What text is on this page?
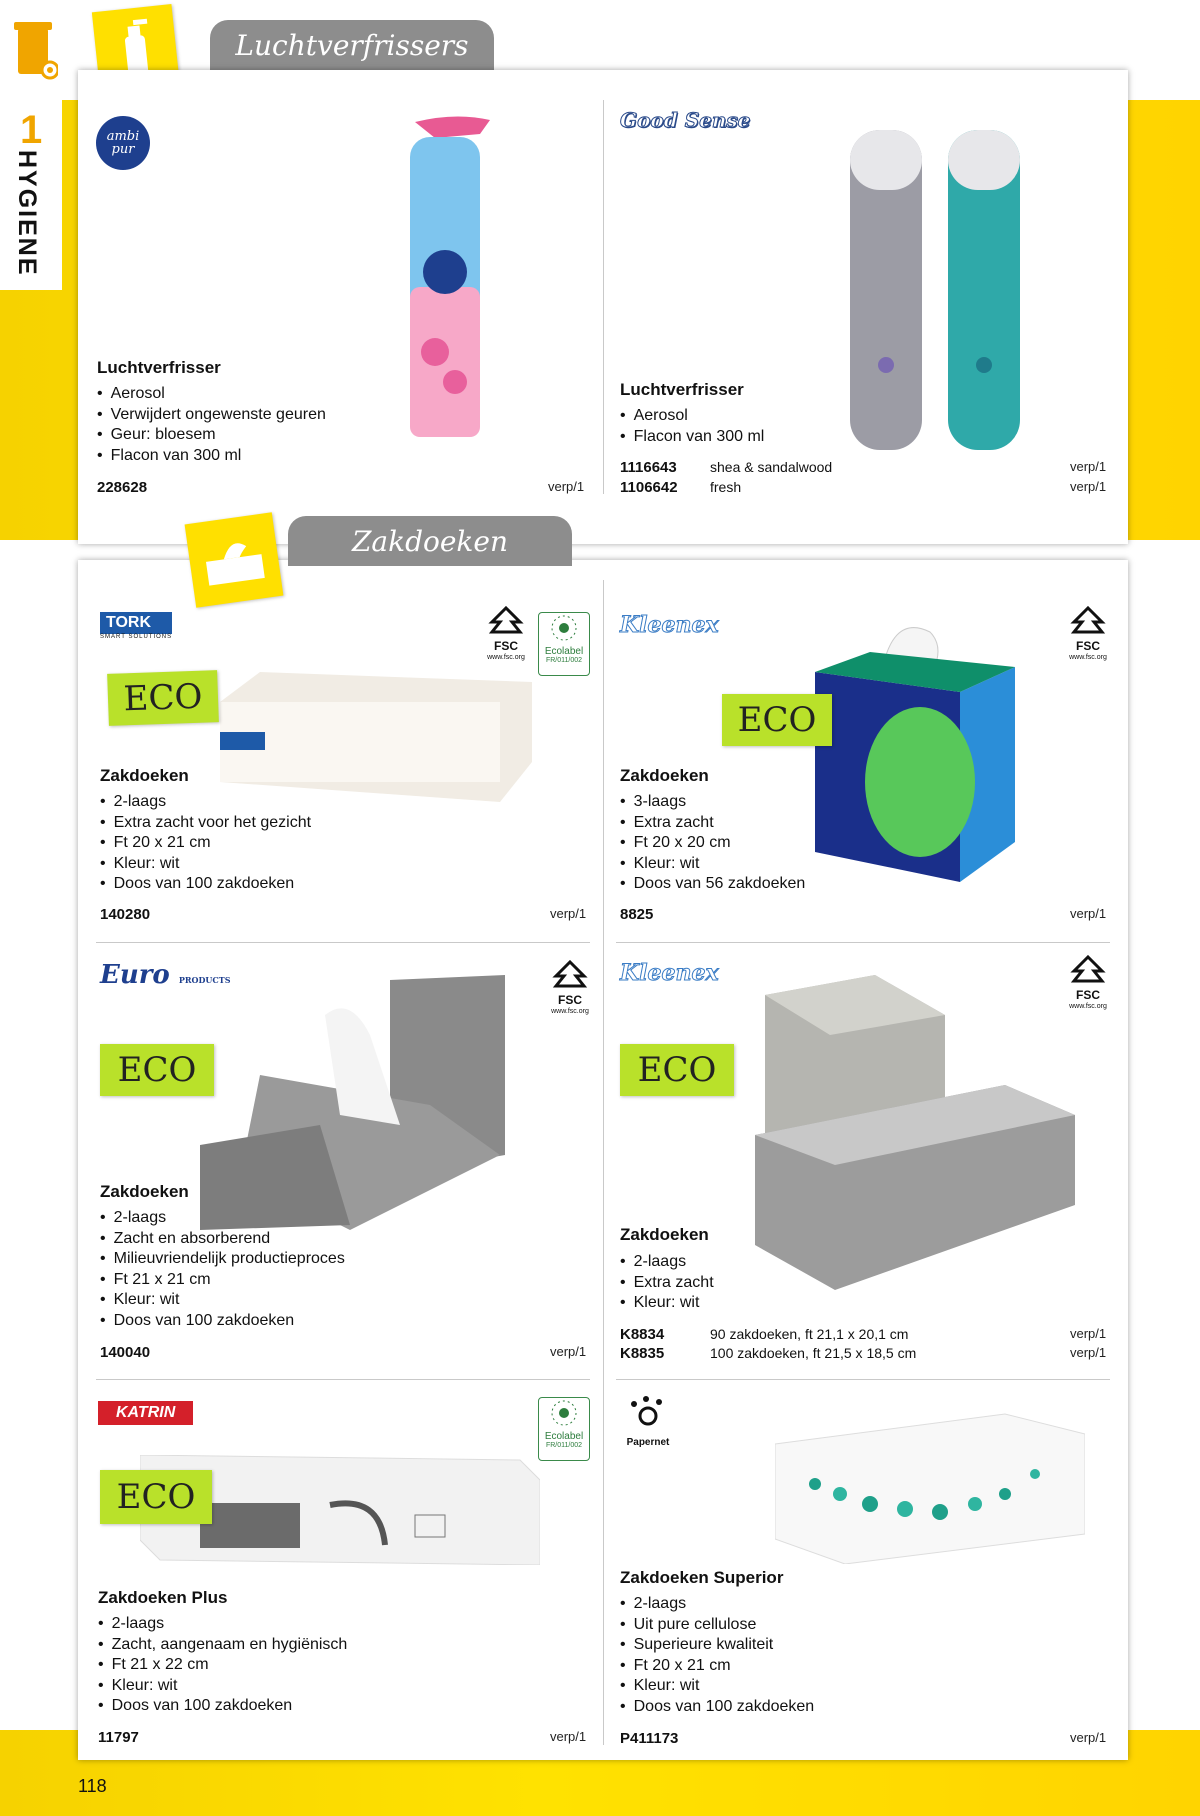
1
HYGIENE
Luchtverfrissers
ambi pur
Luchtverfrisser
• Aerosol
• Verwijdert ongewenste geuren
• Geur: bloesem
• Flacon van 300 ml
228628	verp/1
Good Sense
Luchtverfrisser
• Aerosol
• Flacon van 300 ml
1116643 shea & sandalwood	verp/1
1106642 fresh	verp/1
Zakdoeken
TORK
SMART SOLUTIONS
FSC
www.fsc.org
Ecolabel
FR/011/002
ECO
Zakdoeken
• 2-laags
• Extra zacht voor het gezicht
• Ft 20 x 21 cm
• Kleur: wit
• Doos van 100 zakdoeken
140280	verp/1
Kleenex
FSC
www.fsc.org
ECO
Zakdoeken
• 3-laags
• Extra zacht
• Ft 20 x 20 cm
• Kleur: wit
• Doos van 56 zakdoeken
8825	verp/1
Euro PRODUCTS
FSC
www.fsc.org
ECO
Zakdoeken
• 2-laags
• Zacht en absorberend
• Milieuvriendelijk productieproces
• Ft 21 x 21 cm
• Kleur: wit
• Doos van 100 zakdoeken
140040	verp/1
Kleenex
FSC
www.fsc.org
ECO
Zakdoeken
• 2-laags
• Extra zacht
• Kleur: wit
K8834	90 zakdoeken, ft 21,1 x 20,1 cm	verp/1
K8835	100 zakdoeken, ft 21,5 x 18,5 cm	verp/1
KATRIN
Ecolabel
FR/011/002
ECO
Zakdoeken Plus
• 2-laags
• Zacht, aangenaam en hygiënisch
• Ft 21 x 22 cm
• Kleur: wit
• Doos van 100 zakdoeken
11797	verp/1
Papernet
Zakdoeken Superior
• 2-laags
• Uit pure cellulose
• Superieure kwaliteit
• Ft 20 x 21 cm
• Kleur: wit
• Doos van 100 zakdoeken
P411173	verp/1
118
